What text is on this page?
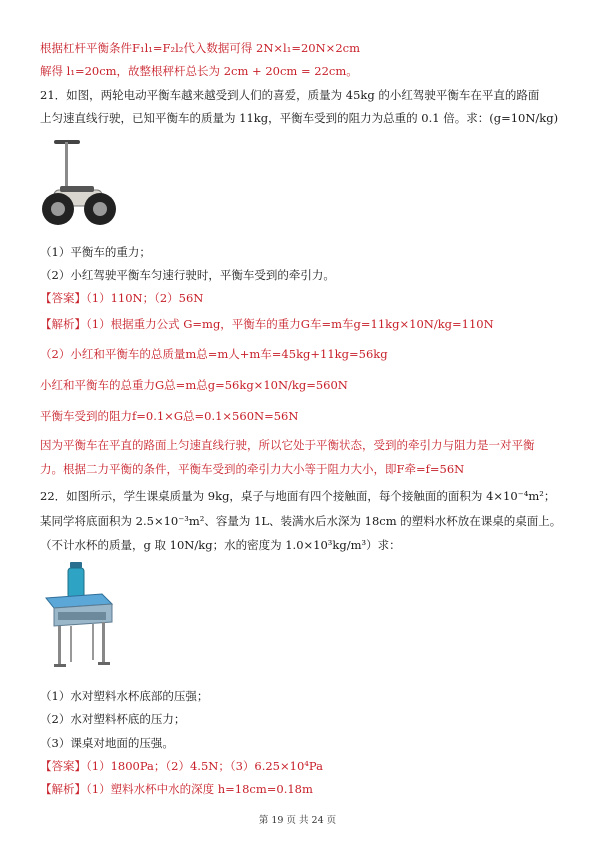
根据杠杆平衡条件F₁l₁=F₂l₂代入数据可得 2N×l₁=20N×2cm
解得 l₁=20cm，故整根秤杆总长为 2cm + 20cm = 22cm。
21．如图，两轮电动平衡车越来越受到人们的喜爱，质量为 45kg 的小红驾驶平衡车在平直的路面
上匀速直线行驶，已知平衡车的质量为 11kg，平衡车受到的阻力为总重的 0.1 倍。求：(g=10N/kg)
（1）平衡车的重力；
（2）小红驾驶平衡车匀速行驶时，平衡车受到的牵引力。
【答案】（1）110N；（2）56N
【解析】（1）根据重力公式 G=mg，平衡车的重力G车=m车g=11kg×10N/kg=110N
（2）小红和平衡车的总质量m总=m人+m车=45kg+11kg=56kg
小红和平衡车的总重力G总=m总g=56kg×10N/kg=560N
平衡车受到的阻力f=0.1×G总=0.1×560N=56N
因为平衡车在平直的路面上匀速直线行驶，所以它处于平衡状态，受到的牵引力与阻力是一对平衡
力。根据二力平衡的条件，平衡车受到的牵引力大小等于阻力大小，即F牵=f=56N
22．如图所示，学生课桌质量为 9kg，桌子与地面有四个接触面，每个接触面的面积为 4×10⁻⁴m²；
某同学将底面积为 2.5×10⁻³m²、容量为 1L、装满水后水深为 18cm 的塑料水杯放在课桌的桌面上。
（不计水杯的质量，g 取 10N/kg；水的密度为 1.0×10³kg/m³）求：
（1）水对塑料水杯底部的压强；
（2）水对塑料杯底的压力；
（3）课桌对地面的压强。
【答案】（1）1800Pa；（2）4.5N；（3）6.25×10⁴Pa
【解析】（1）塑料水杯中水的深度 h=18cm=0.18m
第 19 页 共 24 页
